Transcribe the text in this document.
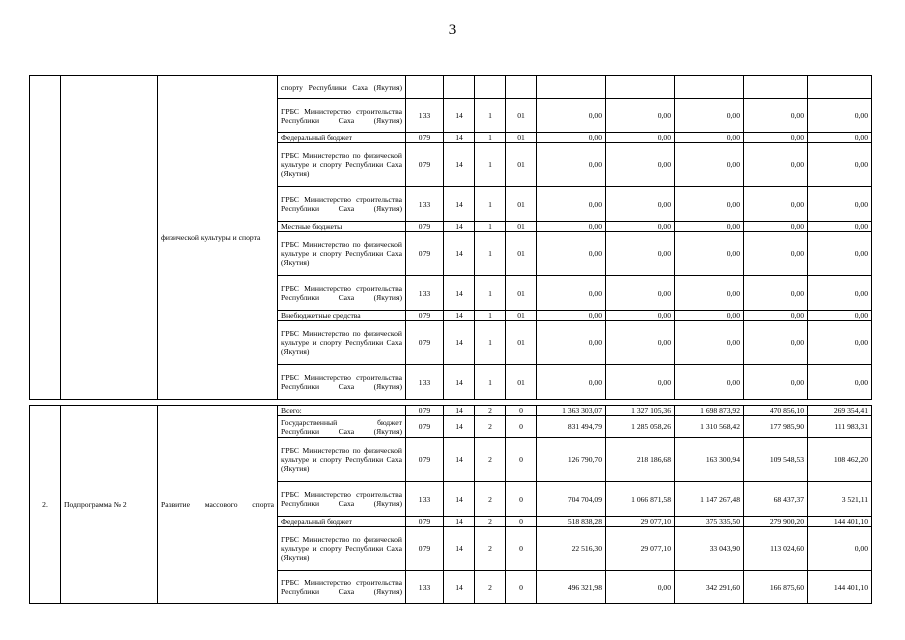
3
		физической культуры и спорта	спорту Республики Саха (Якутия)									
			ГРБС Министерство строительства Республики Саха (Якутия)	133	14	1	01	0,00	0,00	0,00	0,00	0,00
			Федеральный бюджет	079	14	1	01	0,00	0,00	0,00	0,00	0,00
			ГРБС Министерство по физической культуре и спорту Республики Саха (Якутия)	079	14	1	01	0,00	0,00	0,00	0,00	0,00
			ГРБС Министерство строительства Республики Саха (Якутия)	133	14	1	01	0,00	0,00	0,00	0,00	0,00
			Местные бюджеты	079	14	1	01	0,00	0,00	0,00	0,00	0,00
			ГРБС Министерство по физической культуре и спорту Республики Саха (Якутия)	079	14	1	01	0,00	0,00	0,00	0,00	0,00
			ГРБС Министерство строительства Республики Саха (Якутия)	133	14	1	01	0,00	0,00	0,00	0,00	0,00
			Внебюджетные средства	079	14	1	01	0,00	0,00	0,00	0,00	0,00
			ГРБС Министерство по физической культуре и спорту Республики Саха (Якутия)	079	14	1	01	0,00	0,00	0,00	0,00	0,00
			ГРБС Министерство строительства Республики Саха (Якутия)	133	14	1	01	0,00	0,00	0,00	0,00	0,00
2.	Подпрограмма № 2	Развитие массового спорта	Всего:	079	14	2	0	1 363 303,07	1 327 105,36	1 698 873,92	470 856,10	269 354,41
			Государственный бюджет Республики Саха (Якутия)	079	14	2	0	831 494,79	1 285 058,26	1 310 568,42	177 985,90	111 983,31
			ГРБС Министерство по физической культуре и спорту Республики Саха (Якутия)	079	14	2	0	126 790,70	218 186,68	163 300,94	109 548,53	108 462,20
			ГРБС Министерство строительства Республики Саха (Якутия)	133	14	2	0	704 704,09	1 066 871,58	1 147 267,48	68 437,37	3 521,11
			Федеральный бюджет	079	14	2	0	518 838,28	29 077,10	375 335,50	279 900,20	144 401,10
			ГРБС Министерство по физической культуре и спорту Республики Саха (Якутия)	079	14	2	0	22 516,30	29 077,10	33 043,90	113 024,60	0,00
			ГРБС Министерство строительства Республики Саха (Якутия)	133	14	2	0	496 321,98	0,00	342 291,60	166 875,60	144 401,10
